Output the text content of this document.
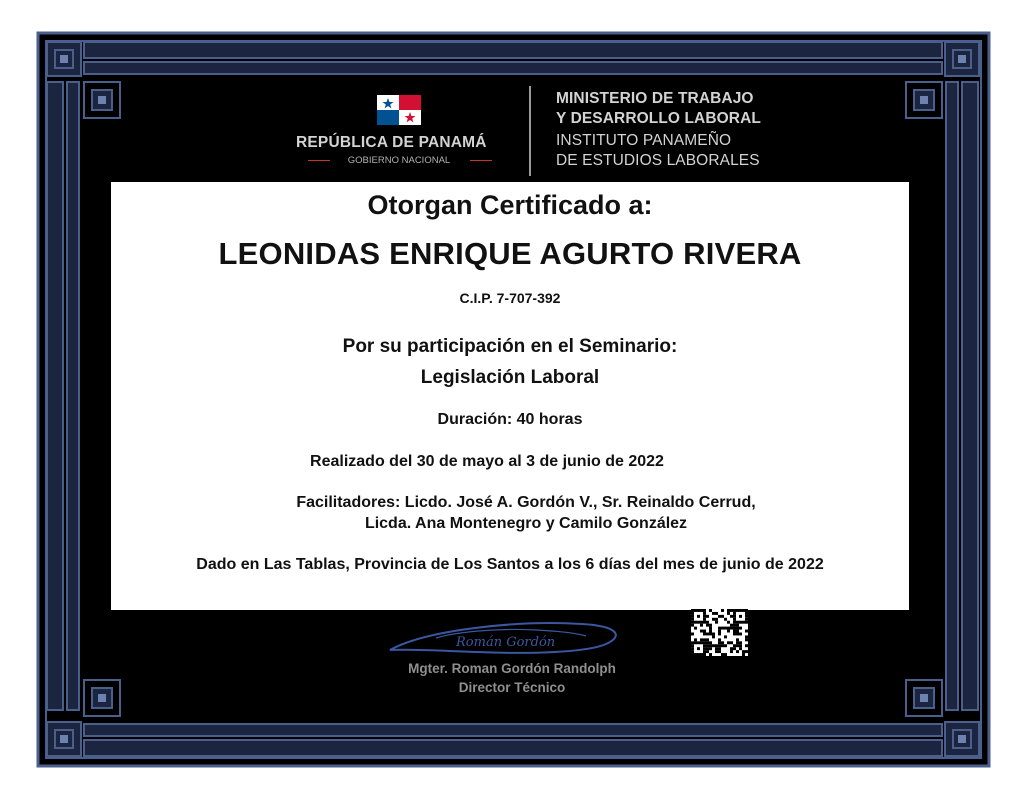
REPÚBLICA DE PANAMÁ
GOBIERNO NACIONAL
MINISTERIO DE TRABAJO
Y DESARROLLO LABORAL
INSTITUTO PANAMEÑO
DE ESTUDIOS LABORALES
Otorgan Certificado a:
LEONIDAS ENRIQUE AGURTO RIVERA
C.I.P. 7-707-392
Por su participación en el Seminario:
Legislación Laboral
Duración: 40 horas
Realizado del 30 de mayo al 3 de junio de 2022
Facilitadores: Licdo. José A. Gordón V., Sr. Reinaldo Cerrud,
Licda. Ana Montenegro y Camilo González
Dado en Las Tablas, Provincia de Los Santos a los 6 días del mes de junio de 2022
Román Gordón
Mgter. Roman Gordón Randolph
Director Técnico
